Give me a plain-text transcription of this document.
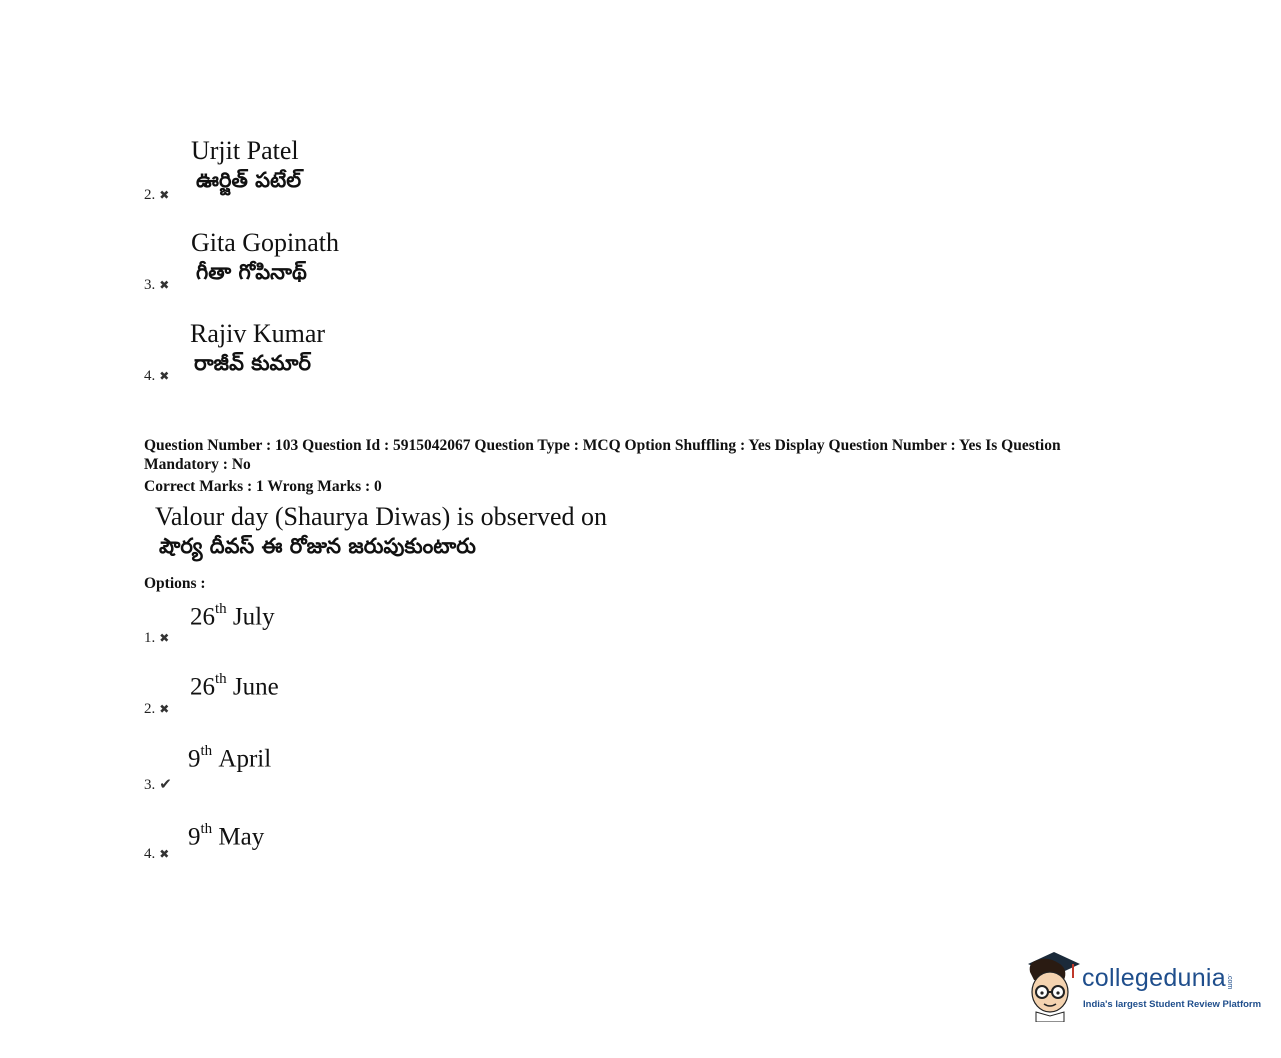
Urjit Patel
ఊర్జిత్ పటేల్
2. ✖
Gita Gopinath
గీతా గోపినాథ్
3. ✖
Rajiv Kumar
రాజీవ్ కుమార్
4. ✖
Question Number : 103 Question Id : 5915042067 Question Type : MCQ Option Shuffling : Yes Display Question Number : Yes Is Question
Mandatory : No
Correct Marks : 1 Wrong Marks : 0
Valour day (Shaurya Diwas) is observed on
షౌర్య దీవస్ ఈ రోజున జరుపుకుంటారు
Options :
26th July
1. ✖
26th June
2. ✖
9th April
3. ✔
9th May
4. ✖
collegedunia.com
India's largest Student Review Platform
